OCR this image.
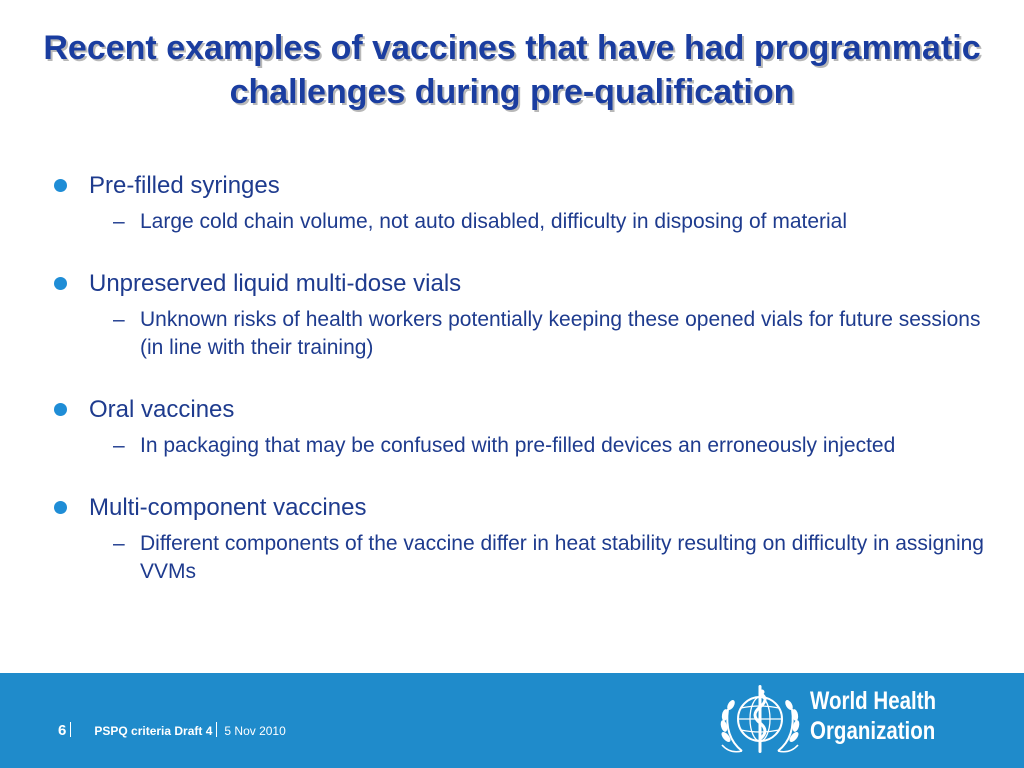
Recent examples of vaccines that have had programmatic challenges during pre-qualification
Pre-filled syringes
– Large cold chain volume, not auto disabled, difficulty in disposing of material
Unpreserved liquid multi-dose vials
– Unknown risks of health workers potentially keeping these opened vials for future sessions (in line with their training)
Oral vaccines
– In packaging that may be confused with pre-filled devices an erroneously injected
Multi-component vaccines
– Different components of the vaccine differ in heat stability resulting on difficulty in assigning VVMs
6 PSPQ criteria Draft 4 5 Nov 2010
World Health
Organization
